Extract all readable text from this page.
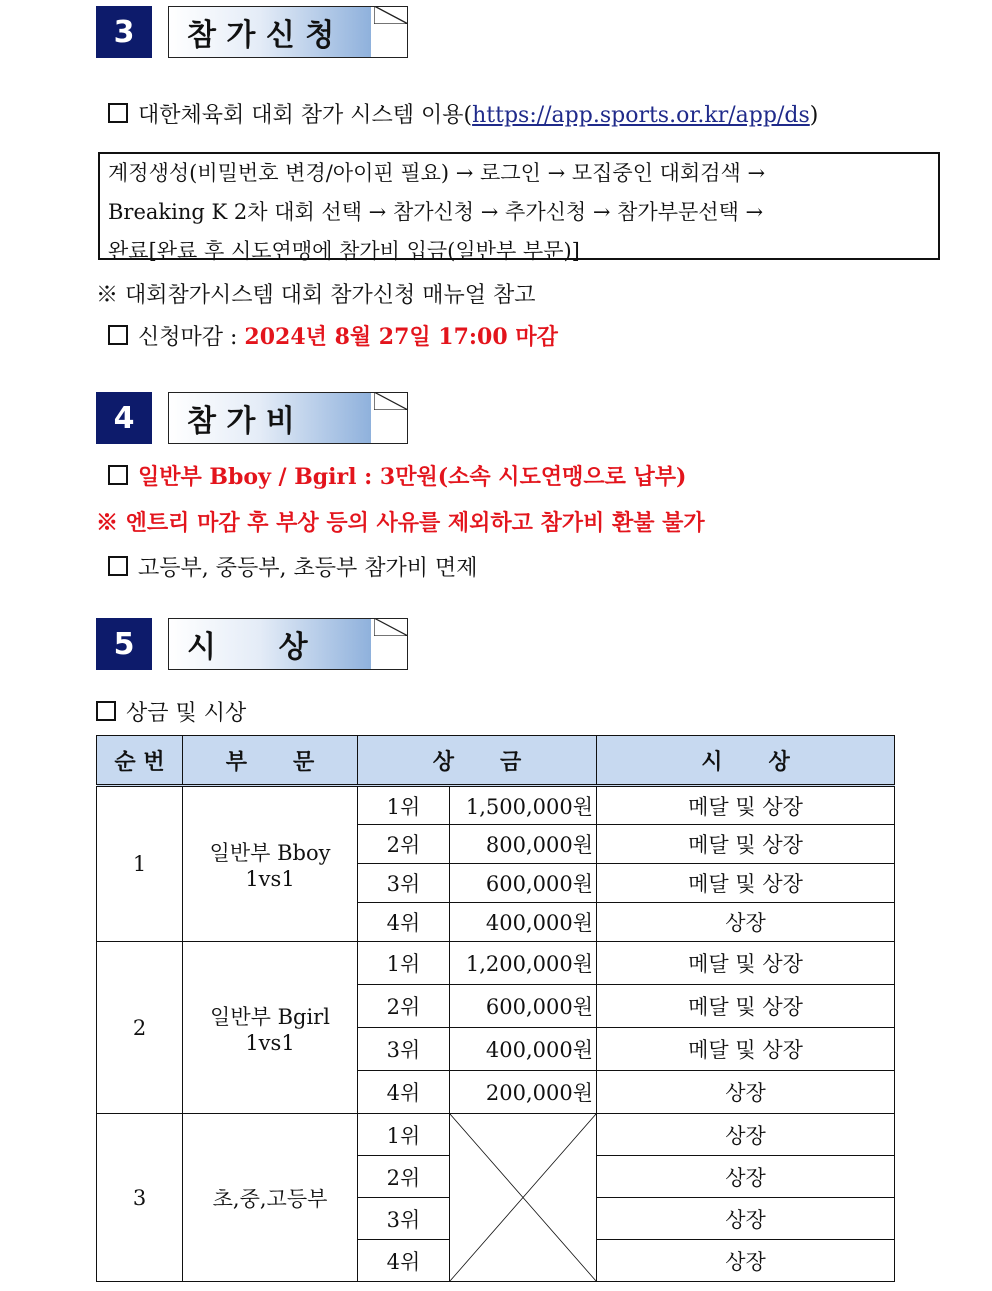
3	참 가 신 청
대한체육회 대회 참가 시스템 이용(https://app.sports.or.kr/app/ds)
계정생성(비밀번호 변경/아이핀 필요) → 로그인 → 모집중인 대회검색 →
Breaking K 2차 대회 선택 → 참가신청 → 추가신청 → 참가부문선택 →
완료[완료 후 시도연맹에 참가비 입금(일반부 부문)]
※ 대회참가시스템 대회 참가신청 매뉴얼 참고
신청마감 : 2024년 8월 27일 17:00 마감
4	참 가 비
일반부 Bboy / Bgirl : 3만원(소속 시도연맹으로 납부)
※ 엔트리 마감 후 부상 등의 사유를 제외하고 참가비 환불 불가
고등부, 중등부, 초등부 참가비 면제
5	시      상
상금 및 시상
순 번	부      문	상      금		시      상
1	일반부 Bboy 1vs1	1위	1,500,000원	메달 및 상장
		2위	800,000원	메달 및 상장
		3위	600,000원	메달 및 상장
		4위	400,000원	상장
2	일반부 Bgirl 1vs1	1위	1,200,000원	메달 및 상장
		2위	600,000원	메달 및 상장
		3위	400,000원	메달 및 상장
		4위	200,000원	상장
3	초,중,고등부	1위		상장
		2위		상장
		3위		상장
		4위		상장
